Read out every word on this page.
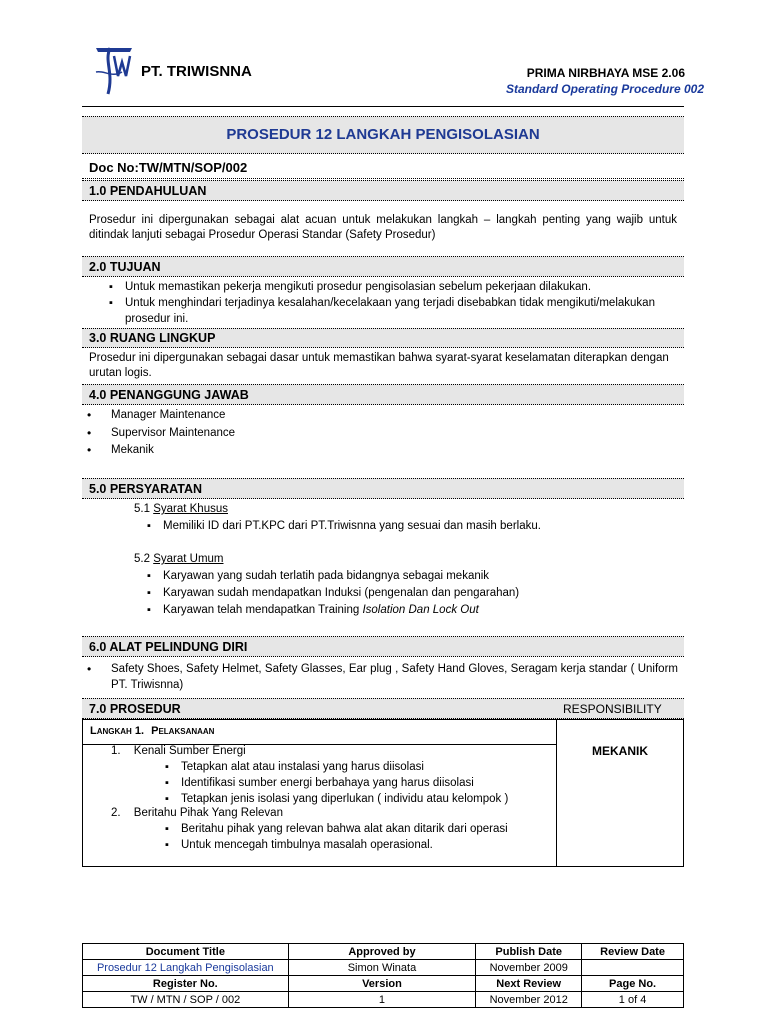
PT. TRIWISNNA	PRIMA NIRBHAYA MSE 2.06
Standard Operating Procedure 002
PROSEDUR 12 LANGKAH PENGISOLASIAN
Doc No:TW/MTN/SOP/002
1.0 PENDAHULUAN
Prosedur ini dipergunakan sebagai alat acuan untuk melakukan langkah – langkah penting yang wajib untuk ditindak lanjuti sebagai Prosedur Operasi Standar (Safety Prosedur)
2.0 TUJUAN
▪ Untuk memastikan pekerja mengikuti prosedur pengisolasian sebelum pekerjaan dilakukan.
▪ Untuk menghindari terjadinya kesalahan/kecelakaan yang terjadi disebabkan tidak mengikuti/melakukan prosedur ini.
3.0 RUANG LINGKUP
Prosedur ini dipergunakan sebagai dasar untuk memastikan bahwa syarat-syarat keselamatan diterapkan dengan urutan logis.
4.0 PENANGGUNG JAWAB
• Manager Maintenance
• Supervisor Maintenance
• Mekanik
5.0 PERSYARATAN
5.1 Syarat Khusus
▪ Memiliki ID dari PT.KPC dari PT.Triwisnna yang sesuai dan masih berlaku.
5.2 Syarat Umum
▪ Karyawan yang sudah terlatih pada bidangnya sebagai mekanik
▪ Karyawan sudah mendapatkan Induksi (pengenalan dan pengarahan)
▪ Karyawan telah mendapatkan Training Isolation Dan Lock Out
6.0 ALAT PELINDUNG DIRI
• Safety Shoes, Safety Helmet, Safety Glasses, Ear plug , Safety Hand Gloves, Seragam kerja standar ( Uniform PT. Triwisnna)
7.0 PROSEDUR	RESPONSIBILITY
Langkah 1. Pelaksanaan
MEKANIK
1. Kenali Sumber Energi
▪ Tetapkan alat atau instalasi yang harus diisolasi
▪ Identifikasi sumber energi berbahaya yang harus diisolasi
▪ Tetapkan jenis isolasi yang diperlukan ( individu atau kelompok )
2. Beritahu Pihak Yang Relevan
▪ Beritahu pihak yang relevan bahwa alat akan ditarik dari operasi
▪ Untuk mencegah timbulnya masalah operasional.
Document Title	Approved by	Publish Date	Review Date
Prosedur 12 Langkah Pengisolasian	Simon Winata	November 2009	
Register No.	Version	Next Review	Page No.
TW / MTN / SOP / 002	1	November 2012	1 of 4
